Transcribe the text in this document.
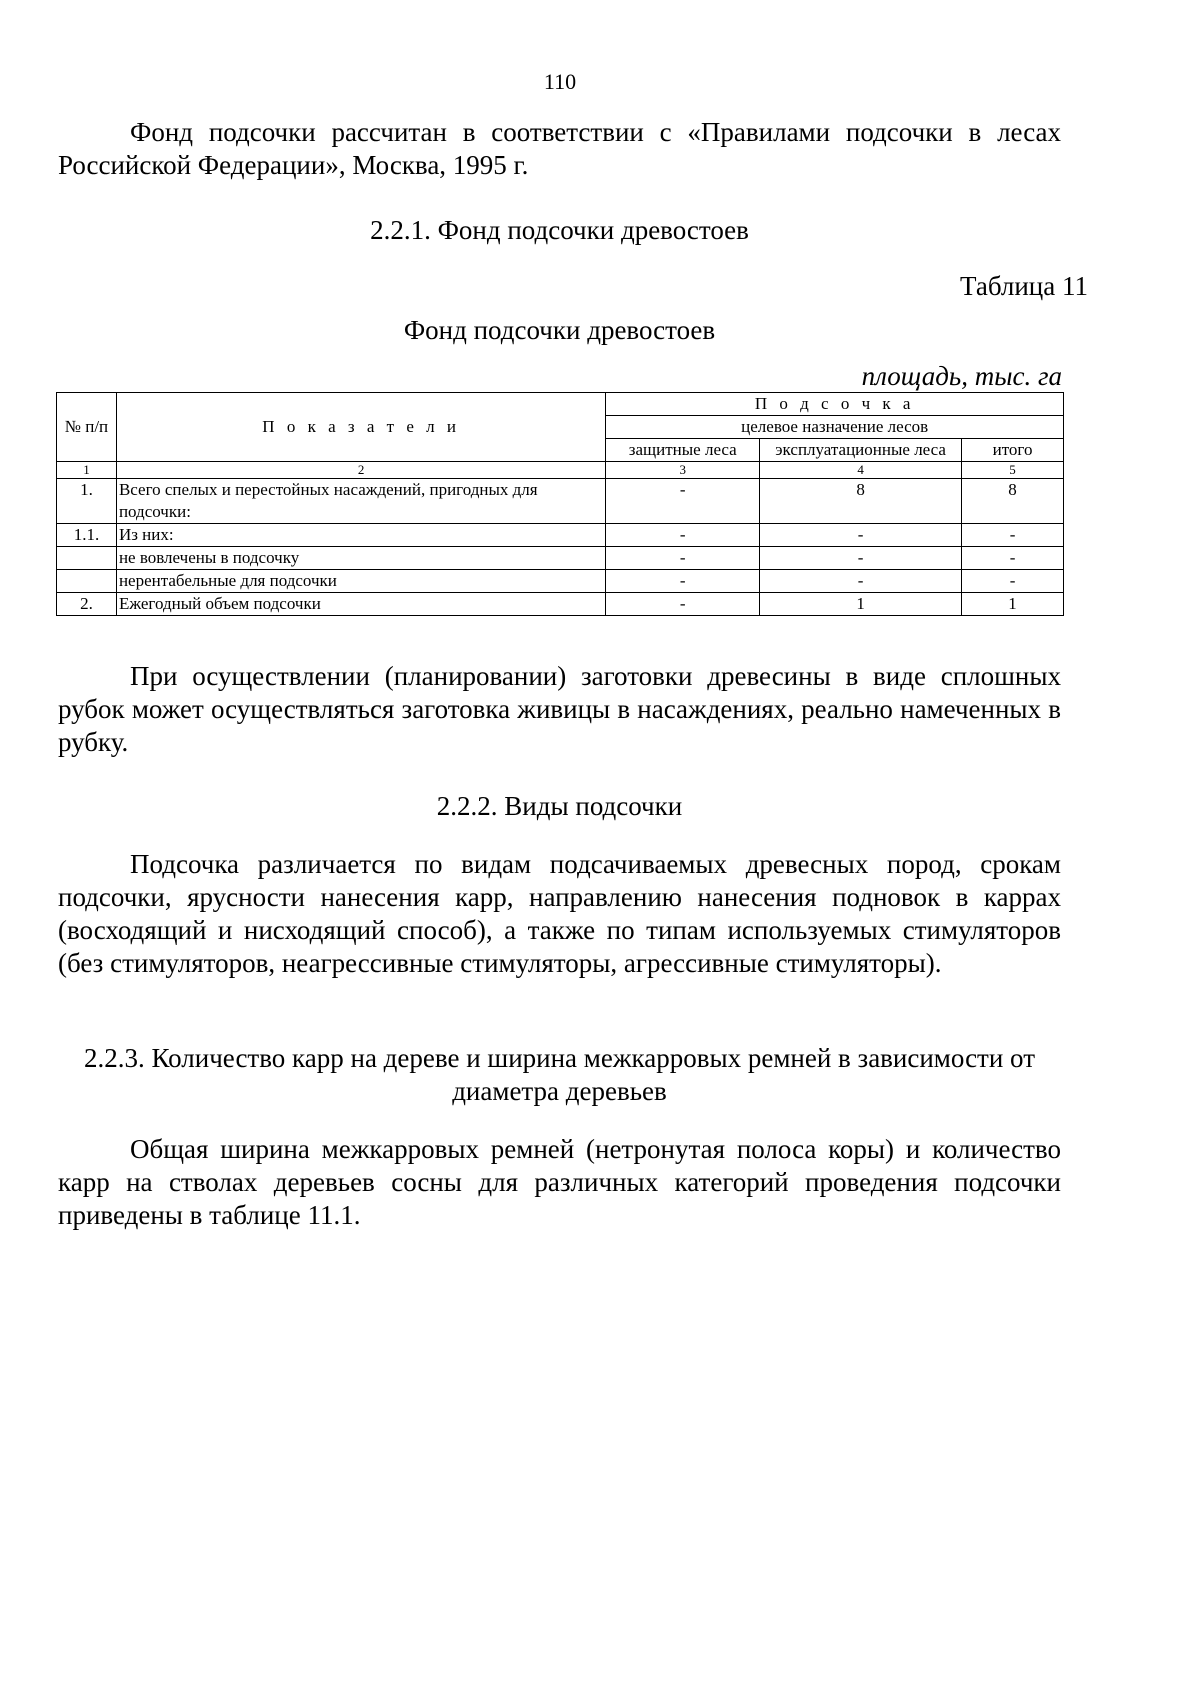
110

Фонд подсочки рассчитан в соответствии с «Правилами подсочки в лесах Российской Федерации», Москва, 1995 г.

2.2.1. Фонд подсочки древостоев

Таблица 11

Фонд подсочки древостоев

площадь, тыс. га
№ п/п	П о к а з а т е л и	П о д с о ч к а		
		целевое назначение лесов		
		защитные леса	эксплуатационные леса	итого
1	2	3	4	5
1.	Всего спелых и перестойных насаждений, пригодных для подсочки:	-	8	8
1.1.	Из них:	-	-	-
	не вовлечены в подсочку	-	-	-
	нерентабельные для подсочки	-	-	-
2.	Ежегодный объем подсочки	-	1	1

При осуществлении (планировании) заготовки древесины в виде сплошных рубок может осуществляться заготовка живицы в насаждениях, реально намеченных в рубку.

2.2.2. Виды подсочки

Подсочка различается по видам подсачиваемых древесных пород, срокам подсочки, ярусности нанесения карр, направлению нанесения подновок в каррах (восходящий и нисходящий способ), а также по типам используемых стимуляторов (без стимуляторов, неагрессивные стимуляторы, агрессивные стимуляторы).

2.2.3. Количество карр на дереве и ширина межкарровых ремней в зависимости от
диаметра деревьев

Общая ширина межкарровых ремней (нетронутая полоса коры) и количество карр на стволах деревьев сосны для различных категорий проведения подсочки приведены в таблице 11.1.
